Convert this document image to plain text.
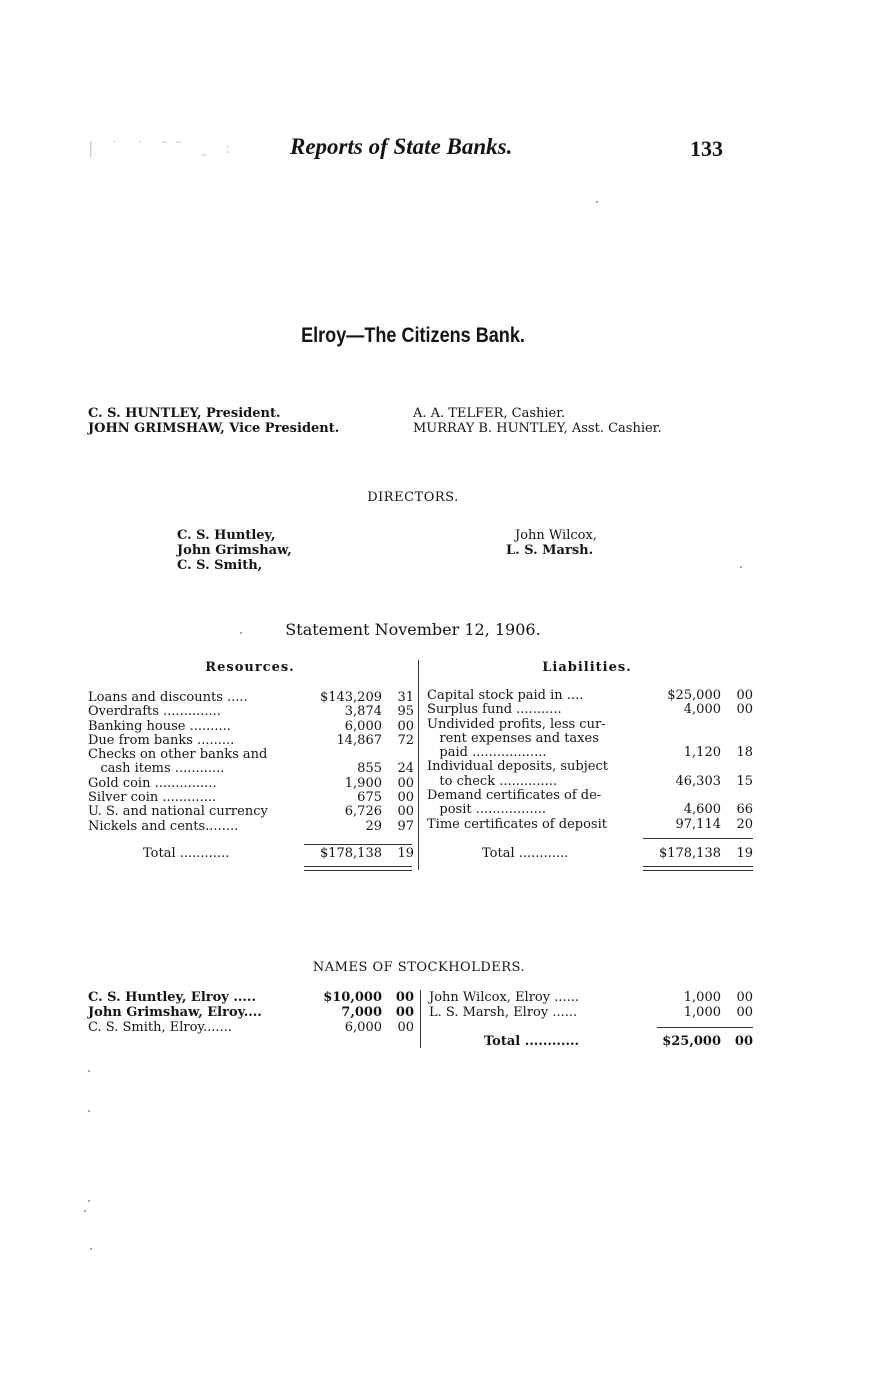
| ˙ ˙ ˉˉ ˍ ː	Reports of State Banks.	133
Elroy—The Citizens Bank.
C. S. HUNTLEY, President.
JOHN GRIMSHAW, Vice President.
A. A. TELFER, Cashier.
MURRAY B. HUNTLEY, Asst. Cashier.
DIRECTORS.
C. S. Huntley,
John Grimshaw,
C. S. Smith,
John Wilcox,
L. S. Marsh.
Statement November 12, 1906.
Resources.	Liabilities.
Loans and discounts .....	$143,209 31
Overdrafts ..............	3,874 95
Banking house ..........	6,000 00
Due from banks .........	14,867 72
Checks on other banks and
cash items ............	855 24
Gold coin ...............	1,900 00
Silver coin .............	675 00
U. S. and national currency	6,726 00
Nickels and cents........	29 97
Capital stock paid in ....	$25,000 00
Surplus fund ...........	4,000 00
Undivided profits, less cur-
rent expenses and taxes
paid ..................	1,120 18
Individual deposits, subject
to check ..............	46,303 15
Demand certificates of de-
posit .................	4,600 66
Time certificates of deposit	97,114 20
Total ............	$178,138 19	Total ............	$178,138 19
NAMES OF STOCKHOLDERS.
C. S. Huntley, Elroy .....	$10,000 00
John Grimshaw, Elroy....	7,000 00
C. S. Smith, Elroy.......	6,000 00
John Wilcox, Elroy ......	1,000 00
L. S. Marsh, Elroy ......	1,000 00
Total ............	$25,000 00
